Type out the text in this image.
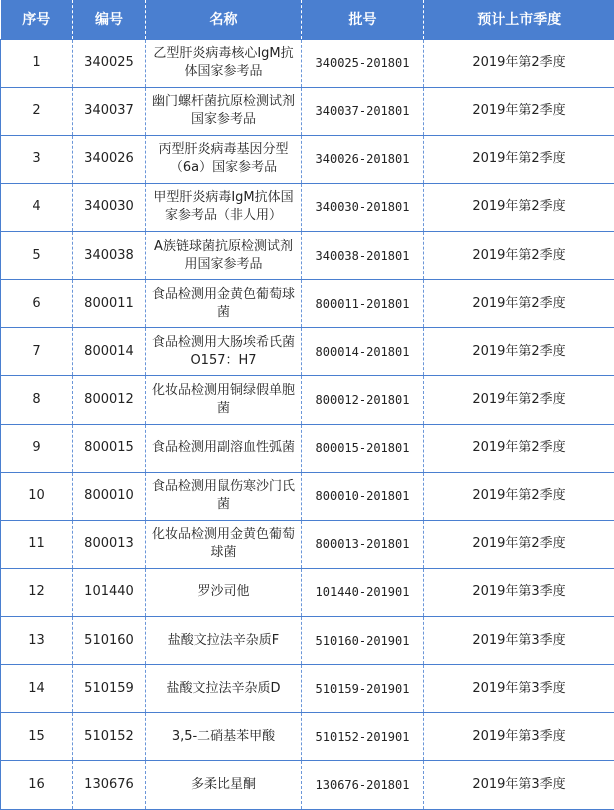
序号	编号	名称	批号	预计上市季度
1	340025	乙型肝炎病毒核心IgM抗体国家参考品	340025-201801	2019年第2季度
2	340037	幽门螺杆菌抗原检测试剂国家参考品	340037-201801	2019年第2季度
3	340026	丙型肝炎病毒基因分型（6a）国家参考品	340026-201801	2019年第2季度
4	340030	甲型肝炎病毒IgM抗体国家参考品（非人用）	340030-201801	2019年第2季度
5	340038	A族链球菌抗原检测试剂用国家参考品	340038-201801	2019年第2季度
6	800011	食品检测用金黄色葡萄球菌	800011-201801	2019年第2季度
7	800014	食品检测用大肠埃希氏菌O157：H7	800014-201801	2019年第2季度
8	800012	化妆品检测用铜绿假单胞菌	800012-201801	2019年第2季度
9	800015	食品检测用副溶血性弧菌	800015-201801	2019年第2季度
10	800010	食品检测用鼠伤寒沙门氏菌	800010-201801	2019年第2季度
11	800013	化妆品检测用金黄色葡萄球菌	800013-201801	2019年第2季度
12	101440	罗沙司他	101440-201901	2019年第3季度
13	510160	盐酸文拉法辛杂质F	510160-201901	2019年第3季度
14	510159	盐酸文拉法辛杂质D	510159-201901	2019年第3季度
15	510152	3,5-二硝基苯甲酸	510152-201901	2019年第3季度
16	130676	多柔比星酮	130676-201801	2019年第3季度
